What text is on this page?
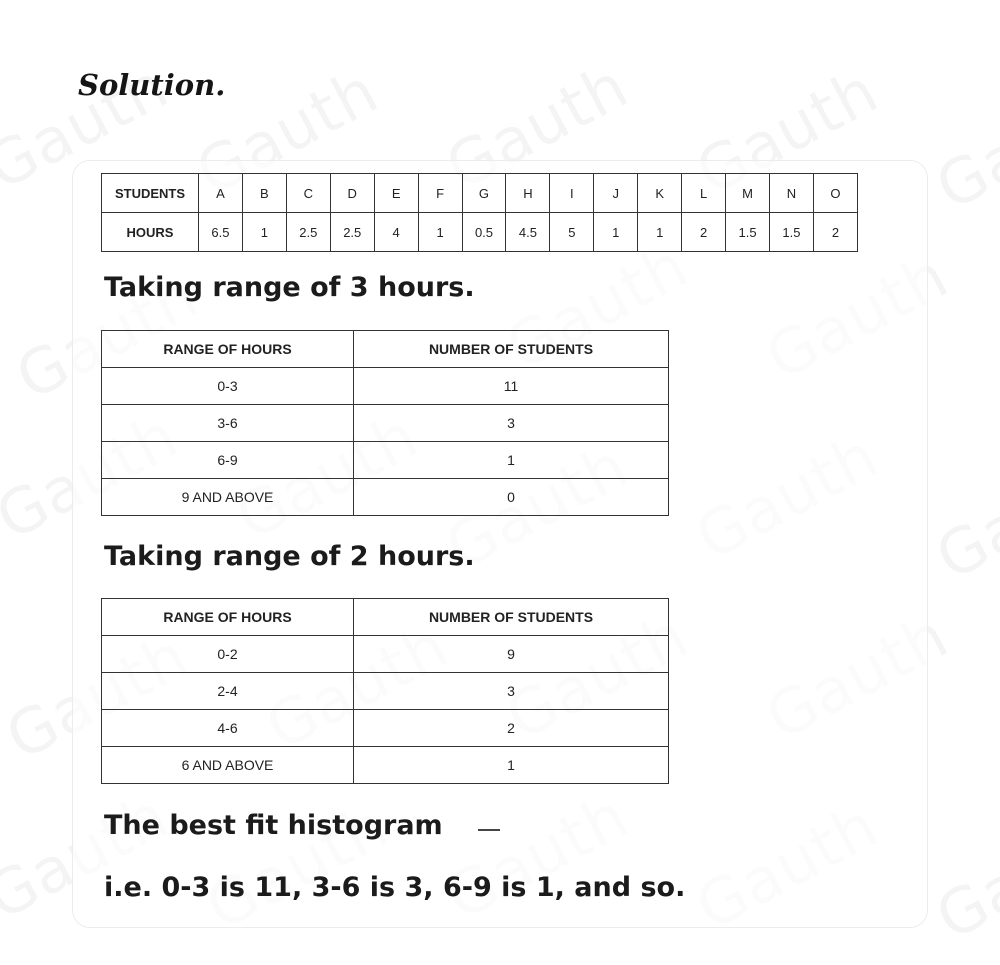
Solution.
STUDENTS	A	B	C	D	E	F	G	H	I	J	K	L	M	N	O
HOURS	6.5	1	2.5	2.5	4	1	0.5	4.5	5	1	1	2	1.5	1.5	2
Taking range of 3 hours.
RANGE OF HOURS	NUMBER OF STUDENTS
0-3	11
3-6	3
6-9	1
9 AND ABOVE	0
Taking range of 2 hours.
RANGE OF HOURS	NUMBER OF STUDENTS
0-2	9
2-4	3
4-6	2
6 AND ABOVE	1
The best fit histogram
i.e. 0-3 is 11, 3-6 is 3, 6-9 is 1, and so.
